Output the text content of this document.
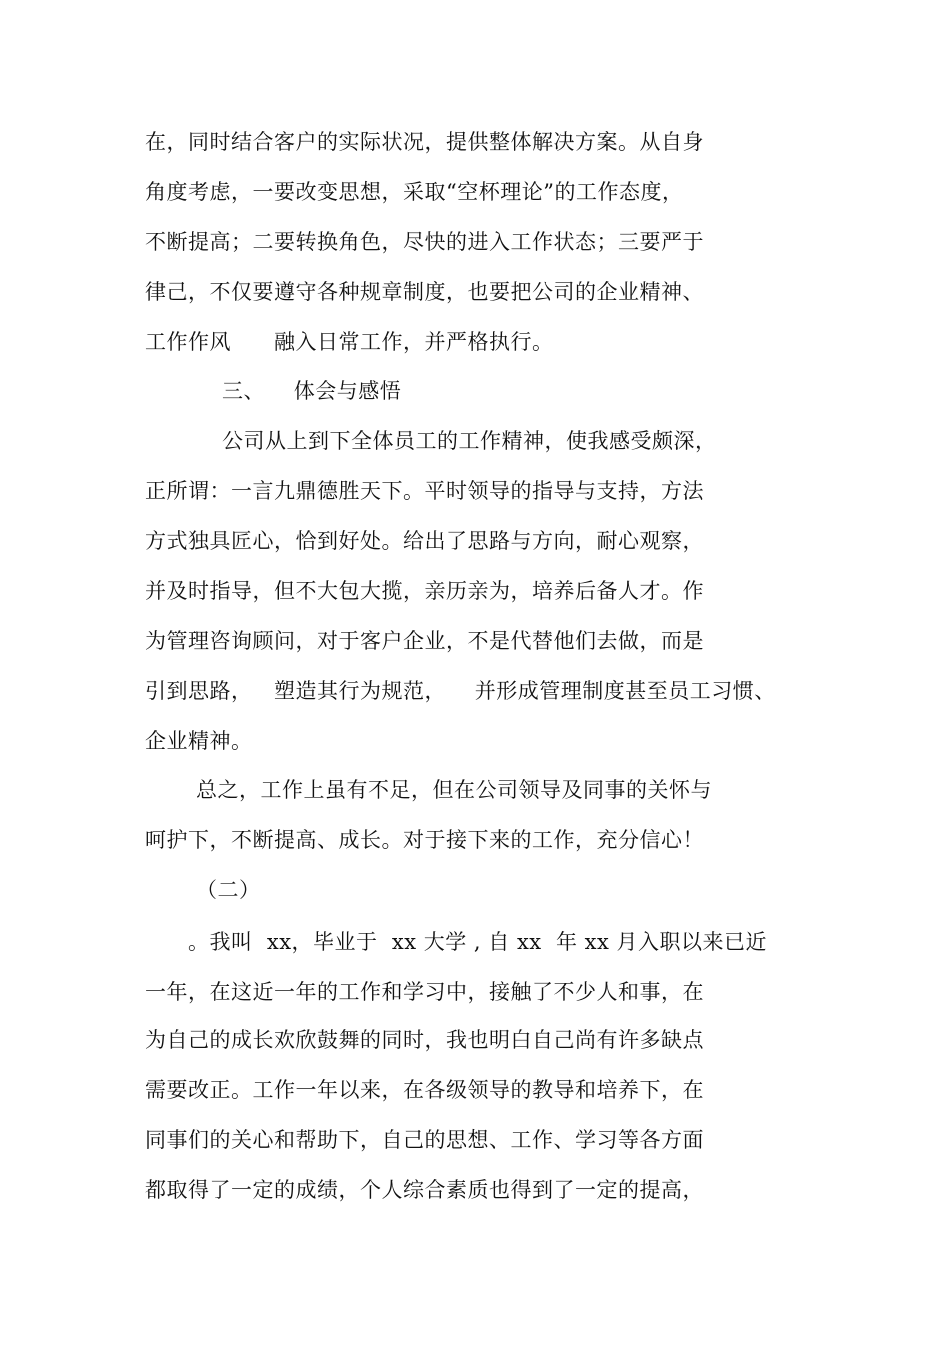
在，同时结合客户的实际状况，提供整体解决方案。从自身
角度考虑，一要改变思想，采取“空杯理论”的工作态度，
不断提高；二要转换角色，尽快的进入工作状态；三要严于
律己，不仅要遵守各种规章制度，也要把公司的企业精神、
工作作风      融入日常工作，并严格执行。
三、    体会与感悟
公司从上到下全体员工的工作精神，使我感受颇深，
正所谓：一言九鼎德胜天下。平时领导的指导与支持，方法
方式独具匠心，恰到好处。给出了思路与方向，耐心观察，
并及时指导，但不大包大揽，亲历亲为，培养后备人才。作
为管理咨询顾问，对于客户企业，不是代替他们去做，而是
引到思路，   塑造其行为规范，    并形成管理制度甚至员工习惯、
企业精神。
总之，工作上虽有不足，但在公司领导及同事的关怀与
呵护下，不断提高、成长。对于接下来的工作，充分信心！
（二）
。我叫  xx，毕业于  xx 大学 , 自 xx  年 xx 月入职以来已近
一年，在这近一年的工作和学习中，接触了不少人和事，在
为自己的成长欢欣鼓舞的同时，我也明白自己尚有许多缺点
需要改正。工作一年以来，在各级领导的教导和培养下，在
同事们的关心和帮助下，自己的思想、工作、学习等各方面
都取得了一定的成绩，个人综合素质也得到了一定的提高，
